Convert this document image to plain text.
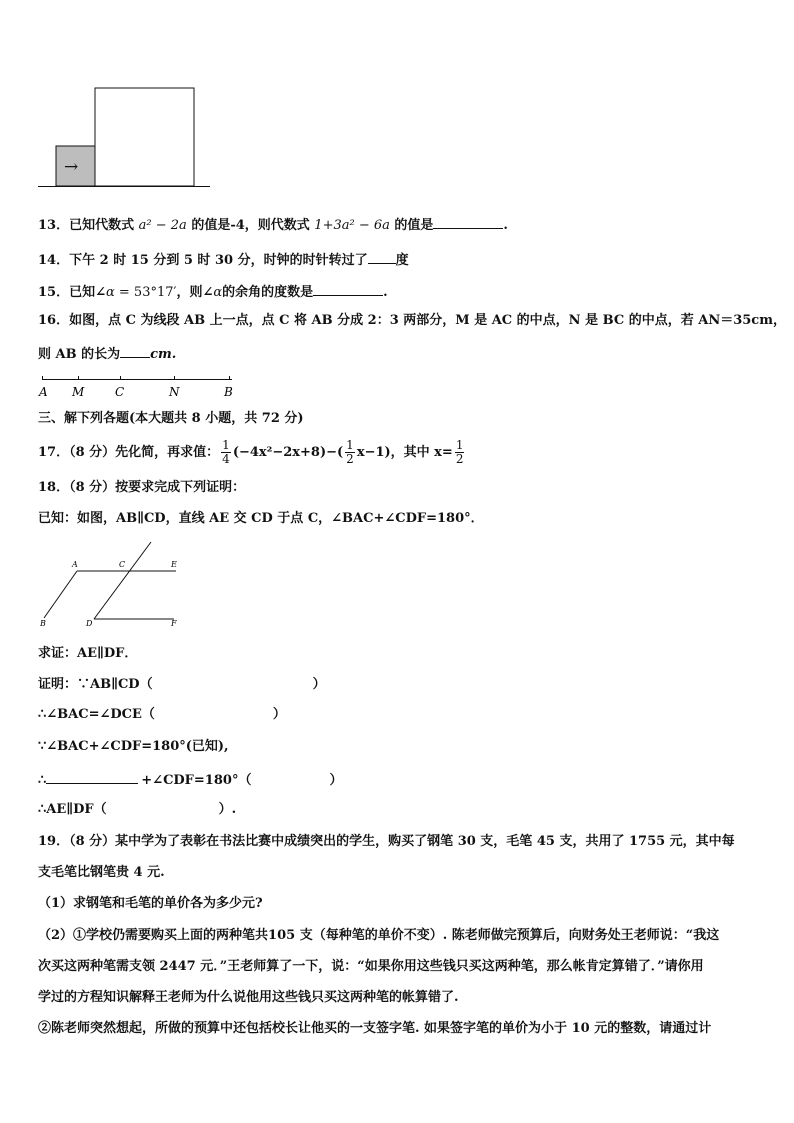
→
13．已知代数式 a² − 2a 的值是-4，则代数式 1+3a² − 6a 的值是	.
14．下午 2 时 15 分到 5 时 30 分，时钟的时针转过了 度
15．已知∠α = 53°17′，则∠α的余角的度数是	.
16．如图，点 C 为线段 AB 上一点，点 C 将 AB 分成 2：3 两部分，M 是 AC 的中点，N 是 BC 的中点，若 AN＝35cm，
则 AB 的长为 cm.
A M	C	N	B
三、解下列各题(本大题共 8 小题，共 72 分)
17．（8 分）先化简，再求值： $\frac{1}{4} (-4x^2-2x+8)-( \frac{1}{2} x-1)$，其中 $x= \frac{1}{2}$
18．（8 分）按要求完成下列证明：
已知：如图，AB∥CD，直线 AE 交 CD 于点 C，∠BAC+∠CDF=180°．
A	C	E
B	D	F
求证：AE∥DF．
证明：∵AB∥CD（	）
∴∠BAC=∠DCE（	）
∵∠BAC+∠CDF=180°(已知),
∴	+∠CDF=180°（	）
∴AE∥DF（	）.
19．（8 分）某中学为了表彰在书法比赛中成绩突出的学生，购买了钢笔 30 支，毛笔 45 支，共用了 1755 元，其中每
支毛笔比钢笔贵 4 元.
（1）求钢笔和毛笔的单价各为多少元?
（2）①学校仍需要购买上面的两种笔共105 支（每种笔的单价不变）. 陈老师做完预算后，向财务处王老师说：“我这
次买这两种笔需支领 2447 元．”王老师算了一下，说：“如果你用这些钱只买这两种笔，那么帐肯定算错了．”请你用
学过的方程知识解释王老师为什么说他用这些钱只买这两种笔的帐算错了.
②陈老师突然想起，所做的预算中还包括校长让他买的一支签字笔. 如果签字笔的单价为小于 10 元的整数，请通过计
